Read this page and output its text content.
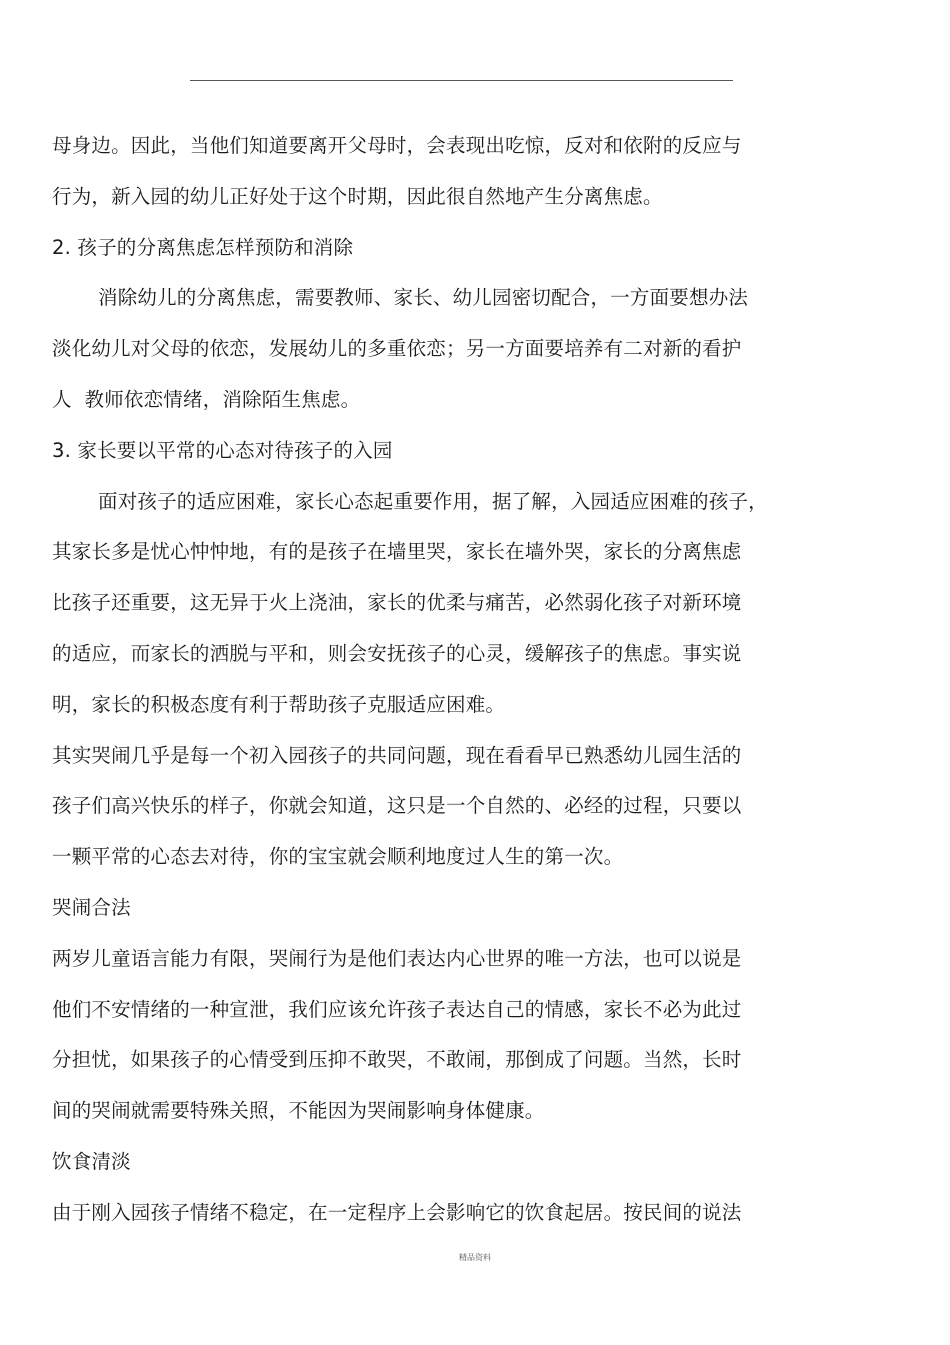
母身边。因此，当他们知道要离开父母时，会表现出吃惊，反对和依附的反应与
行为，新入园的幼儿正好处于这个时期，因此很自然地产生分离焦虑。
2. 孩子的分离焦虑怎样预防和消除
消除幼儿的分离焦虑，需要教师、家长、幼儿园密切配合，一方面要想办法
淡化幼儿对父母的依恋，发展幼儿的多重依恋；另一方面要培养有二对新的看护
人  教师依恋情绪，消除陌生焦虑。
3. 家长要以平常的心态对待孩子的入园
面对孩子的适应困难，家长心态起重要作用，据了解，入园适应困难的孩子，
其家长多是忧心忡忡地，有的是孩子在墙里哭，家长在墙外哭，家长的分离焦虑
比孩子还重要，这无异于火上浇油，家长的优柔与痛苦，必然弱化孩子对新环境
的适应，而家长的洒脱与平和，则会安抚孩子的心灵，缓解孩子的焦虑。事实说
明，家长的积极态度有利于帮助孩子克服适应困难。
其实哭闹几乎是每一个初入园孩子的共同问题，现在看看早已熟悉幼儿园生活的
孩子们高兴快乐的样子，你就会知道，这只是一个自然的、必经的过程，只要以
一颗平常的心态去对待，你的宝宝就会顺利地度过人生的第一次。
哭闹合法
两岁儿童语言能力有限，哭闹行为是他们表达内心世界的唯一方法，也可以说是
他们不安情绪的一种宣泄，我们应该允许孩子表达自己的情感，家长不必为此过
分担忧，如果孩子的心情受到压抑不敢哭，不敢闹，那倒成了问题。当然，长时
间的哭闹就需要特殊关照，不能因为哭闹影响身体健康。
饮食清淡
由于刚入园孩子情绪不稳定，在一定程序上会影响它的饮食起居。按民间的说法
精品资料
